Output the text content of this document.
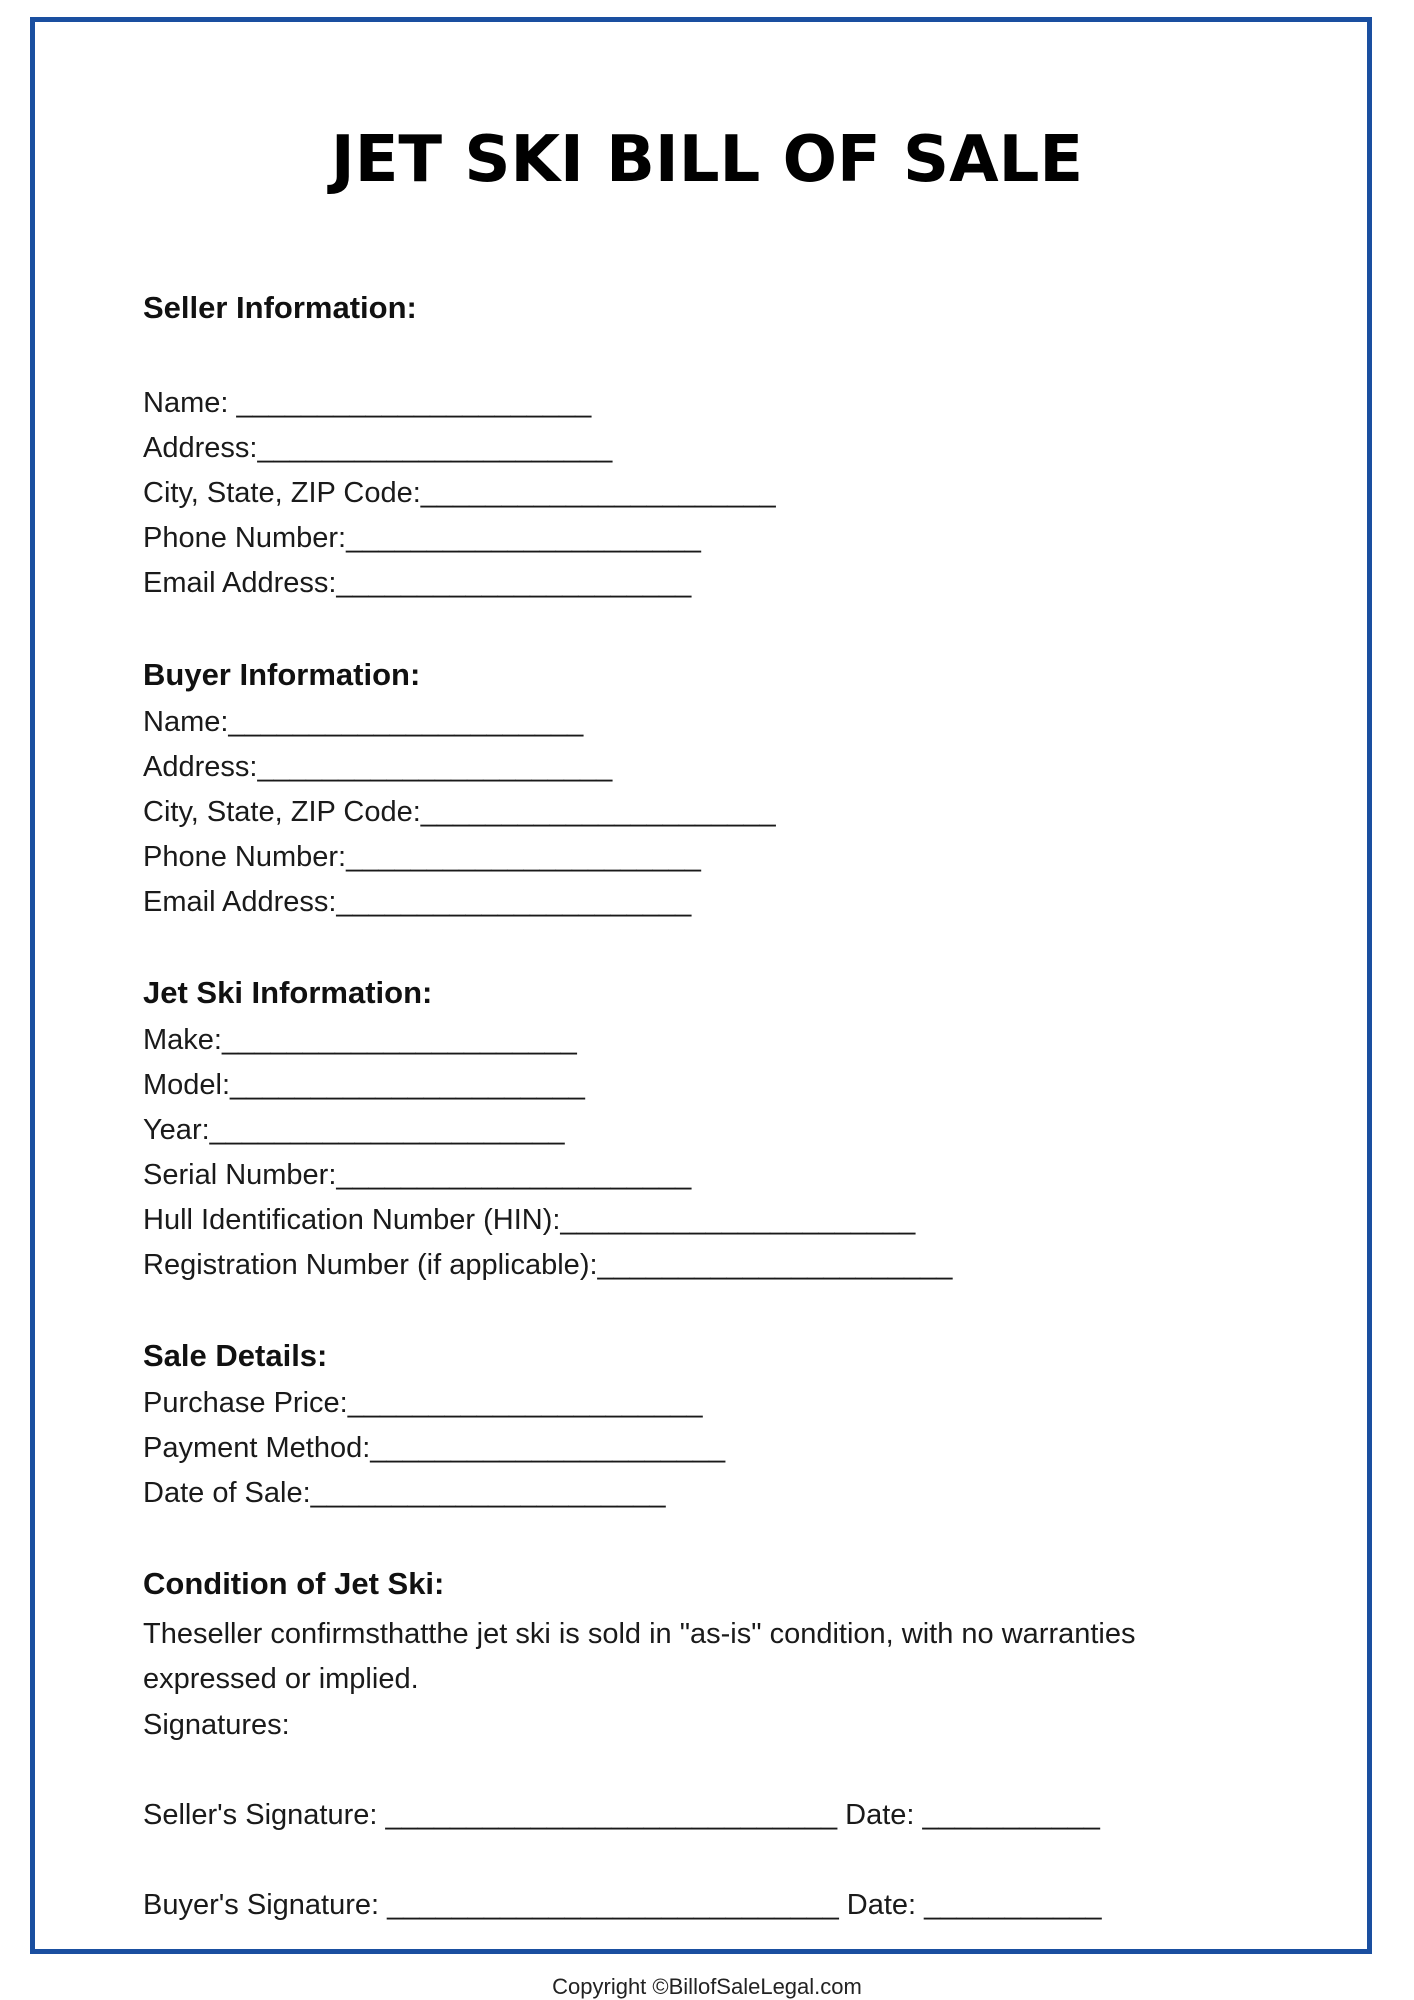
JET SKI BILL OF SALE
Seller Information:
Name: ______________________
Address:______________________
City, State, ZIP Code:______________________
Phone Number:______________________
Email Address:______________________
Buyer Information:
Name:______________________
Address:______________________
City, State, ZIP Code:______________________
Phone Number:______________________
Email Address:______________________
Jet Ski Information:
Make:______________________
Model:______________________
Year:______________________
Serial Number:______________________
Hull Identification Number (HIN):______________________
Registration Number (if applicable):______________________
Sale Details:
Purchase Price:______________________
Payment Method:______________________
Date of Sale:______________________
Condition of Jet Ski:

Theseller confirmsthatthe jet ski is sold in "as-is" condition, with no warranties expressed or implied.

Signatures:
Seller's Signature: ____________________________ Date: ___________
Buyer's Signature: ____________________________ Date: ___________
Copyright ©BillofSaleLegal.com
